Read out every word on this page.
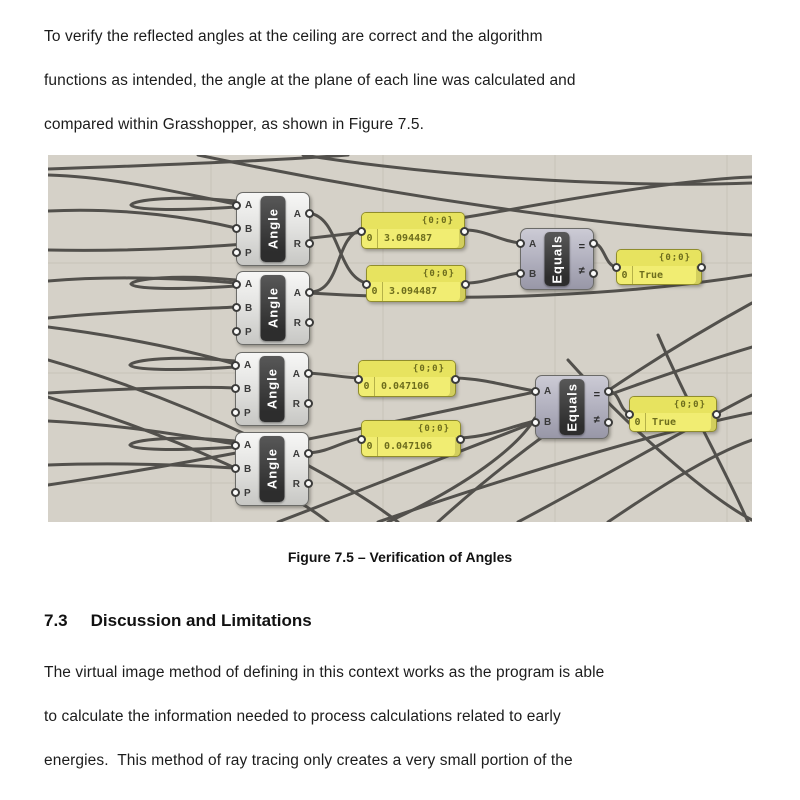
To verify the reflected angles at the ceiling are correct and the algorithm
functions as intended, the angle at the plane of each line was calculated and
compared within Grasshopper, as shown in Figure 7.5.
A
B
P
Angle A
R
A
B
P
Angle A
R
A
B
P
Angle A
R
A
B
P
Angle A
R
{0;0}
0	3.094487
{0;0}
0	3.094487
{0;0}
0	0.047106
{0;0}
0	0.047106
A
B Equals =
≠
A
B Equals =
≠
{0;0}
0	True
{0;0}
0	True
Figure 7.5 – Verification of Angles
7.3 Discussion and Limitations
The virtual image method of defining in this context works as the program is able
to calculate the information needed to process calculations related to early
energies.  This method of ray tracing only creates a very small portion of the
